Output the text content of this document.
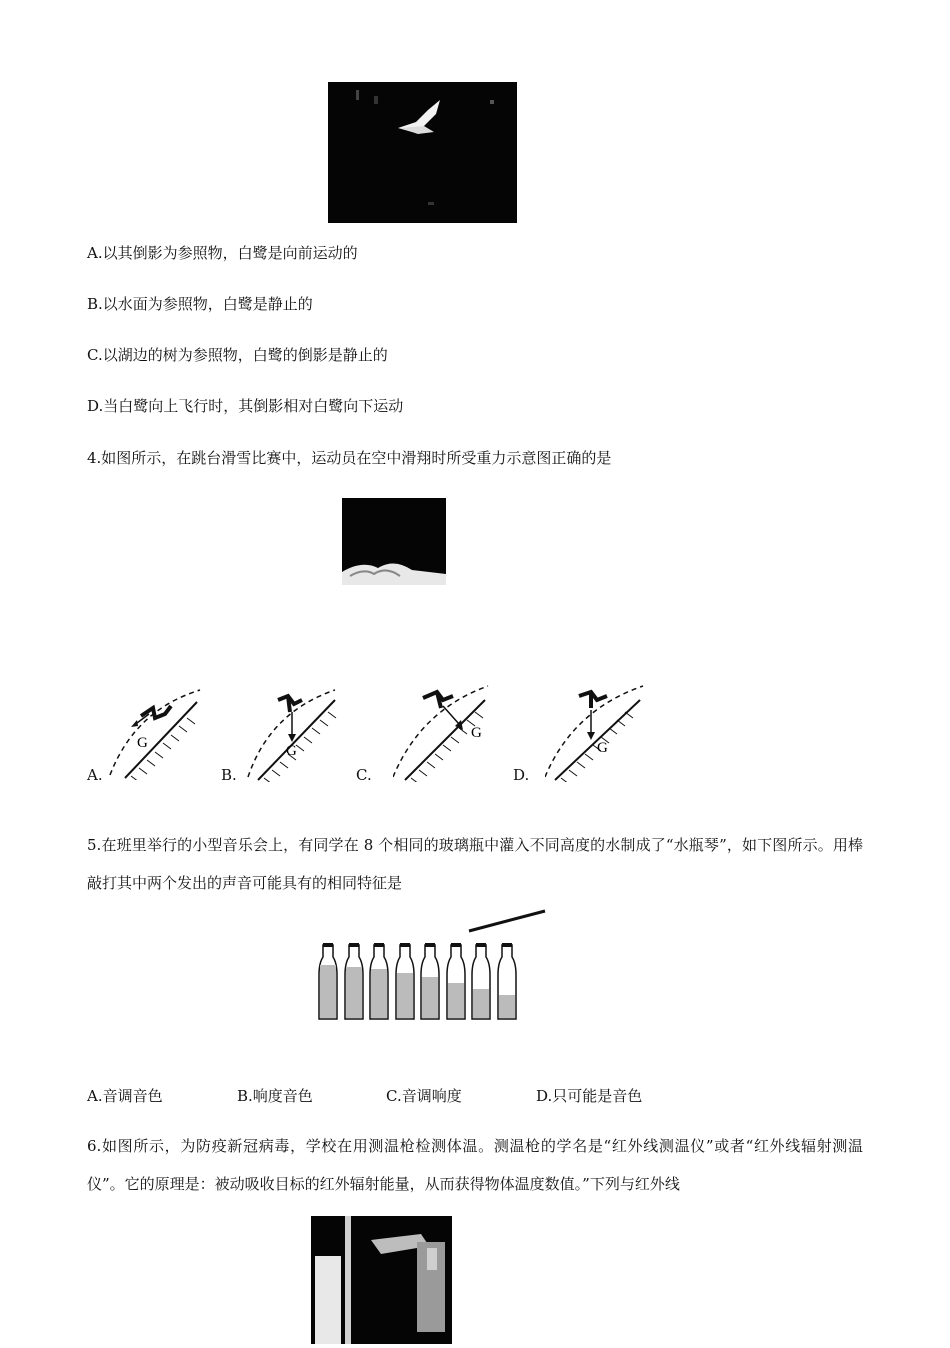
A.以其倒影为参照物，白鹭是向前运动的
B.以水面为参照物，白鹭是静止的
C.以湖边的树为参照物，白鹭的倒影是静止的
D.当白鹭向上飞行时，其倒影相对白鹭向下运动
4.如图所示，在跳台滑雪比赛中，运动员在空中滑翔时所受重力示意图正确的是
G
A.
G
B.
G
C.
G
D.
5.在班里举行的小型音乐会上，有同学在 8 个相同的玻璃瓶中灌入不同高度的水制成了“水瓶琴”，如下图所示。用棒敲打其中两个发出的声音可能具有的相同特征是
A.音调音色	B.响度音色	C.音调响度	D.只可能是音色
6.如图所示，为防疫新冠病毒，学校在用测温枪检测体温。测温枪的学名是“红外线测温仪”或者“红外线辐射测温仪”。它的原理是：被动吸收目标的红外辐射能量，从而获得物体温度数值。”下列与红外线
